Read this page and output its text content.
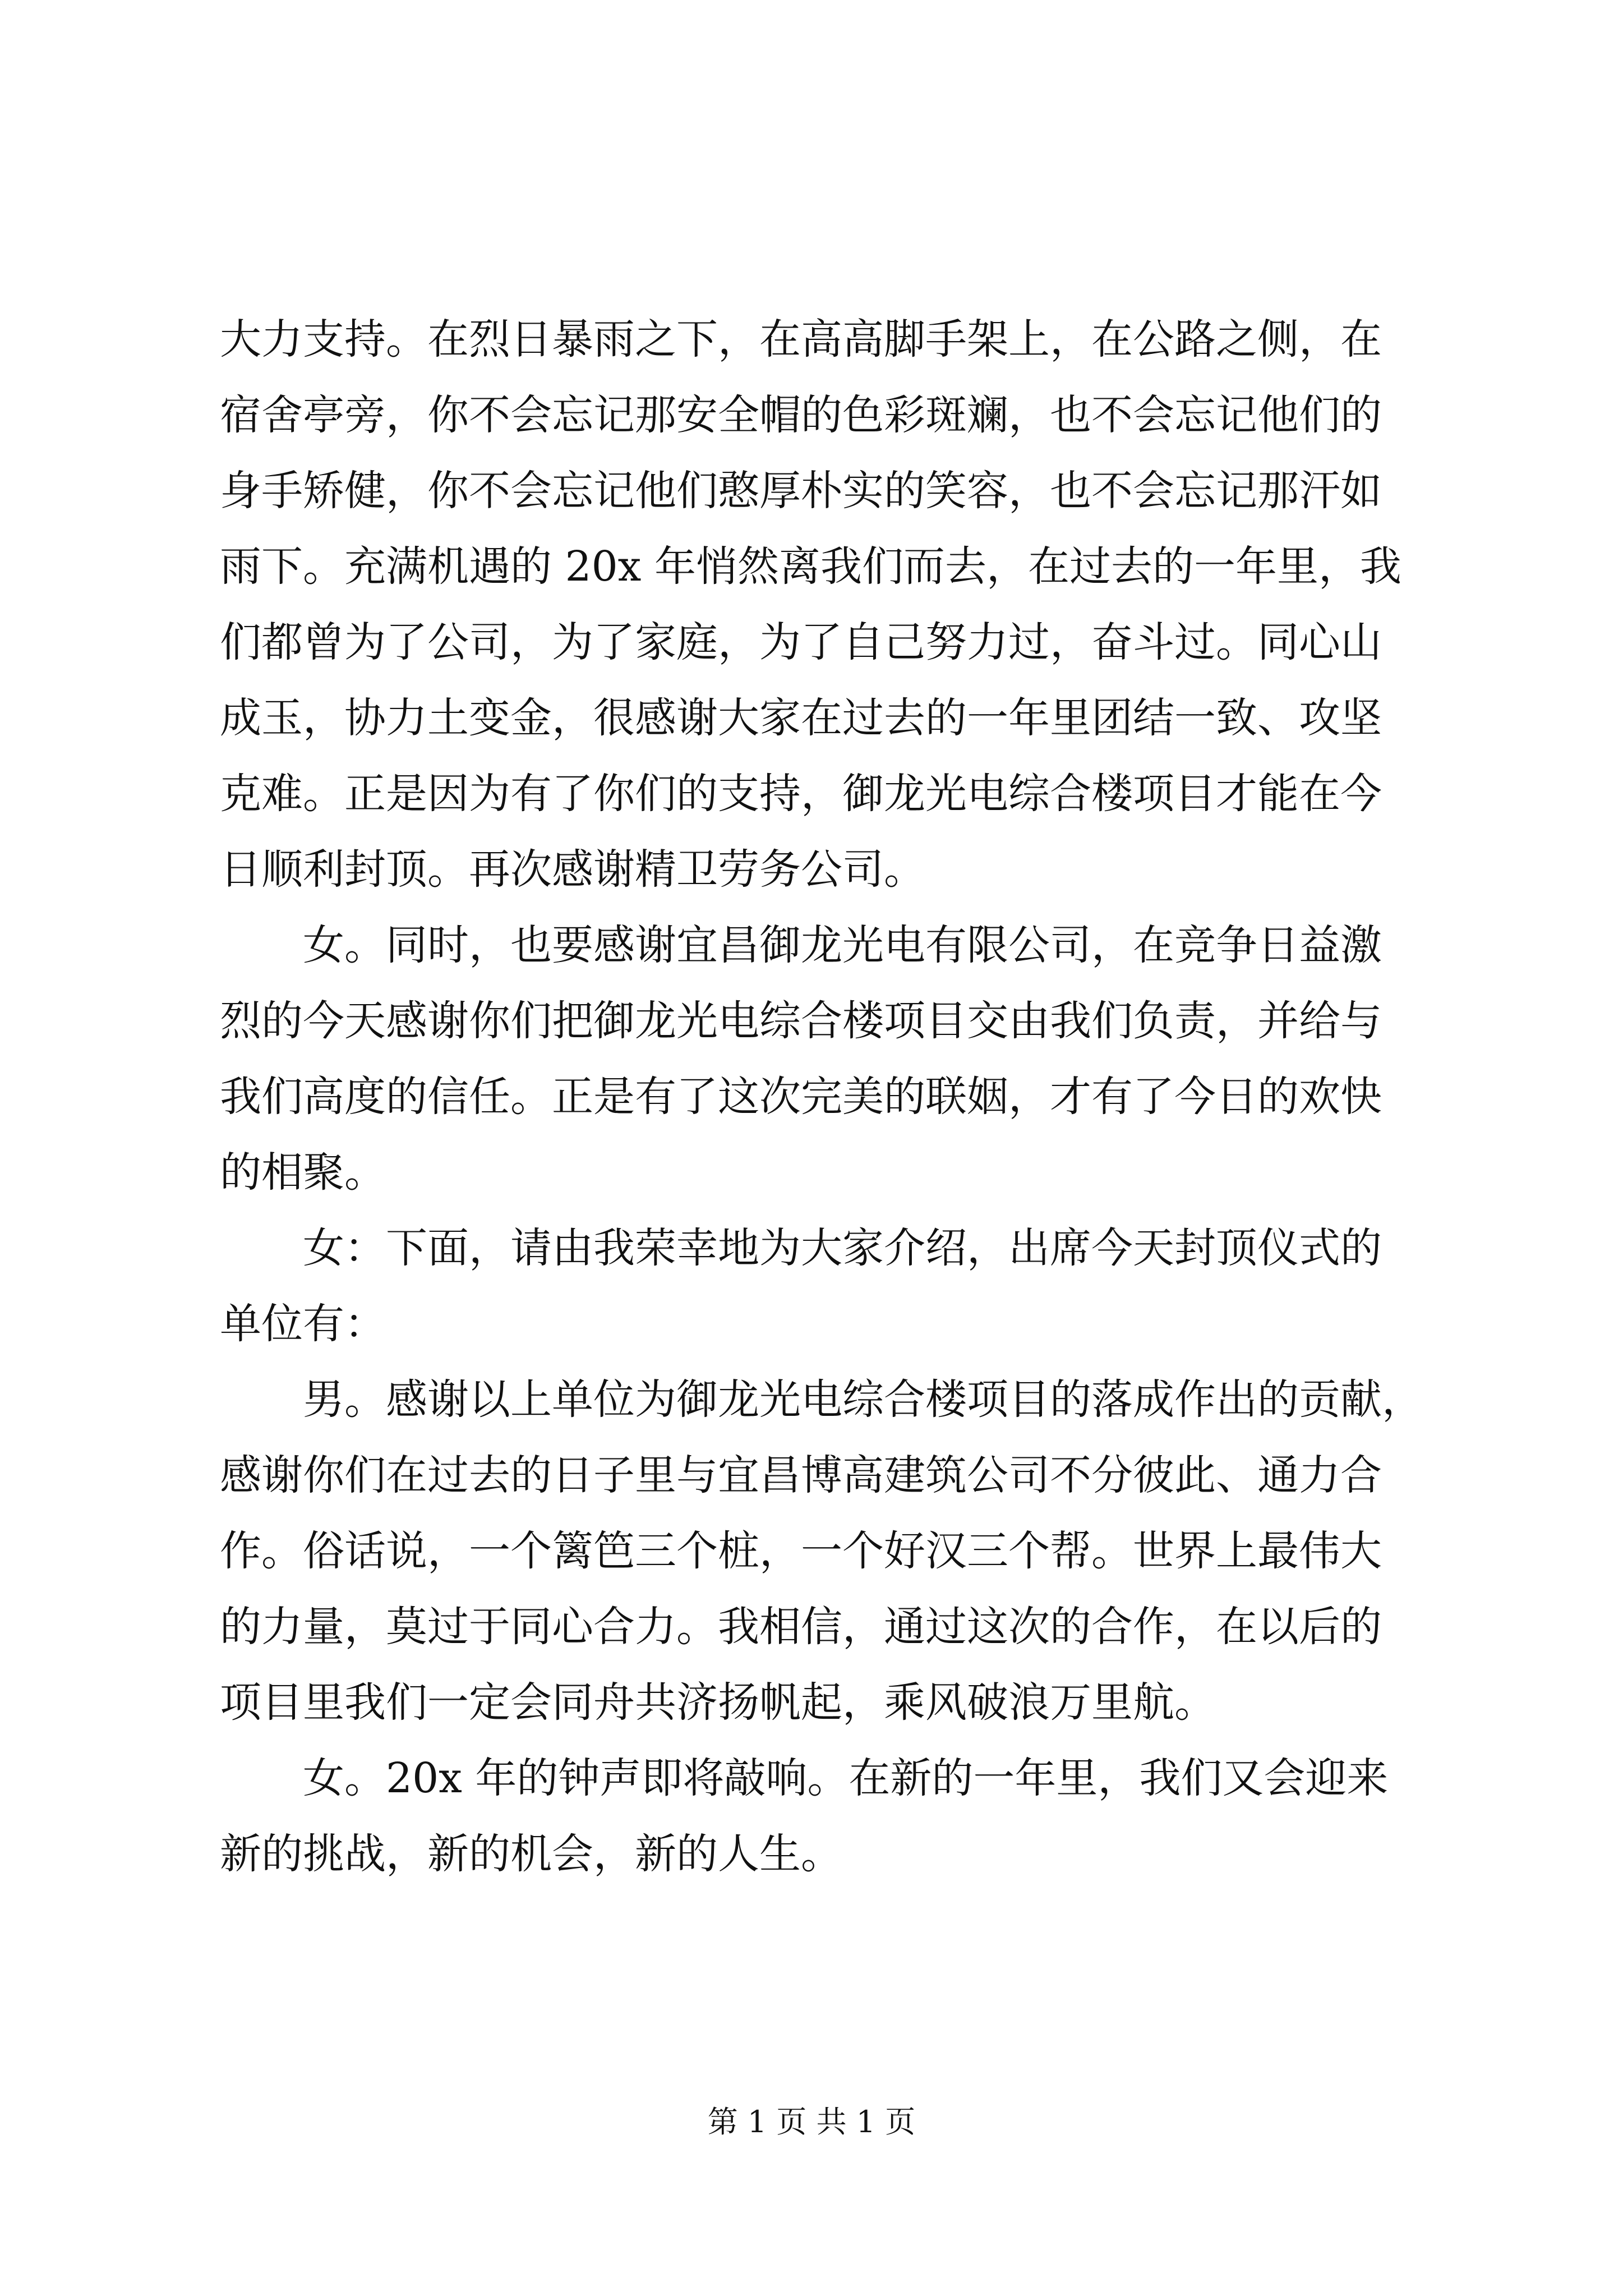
大力支持。在烈日暴雨之下，在高高脚手架上，在公路之侧，在
宿舍亭旁，你不会忘记那安全帽的色彩斑斓，也不会忘记他们的
身手矫健，你不会忘记他们憨厚朴实的笑容，也不会忘记那汗如
雨下。充满机遇的 20x 年悄然离我们而去，在过去的一年里，我
们都曾为了公司，为了家庭，为了自己努力过，奋斗过。同心山
成玉，协力土变金，很感谢大家在过去的一年里团结一致、攻坚
克难。正是因为有了你们的支持，御龙光电综合楼项目才能在今
日顺利封顶。再次感谢精卫劳务公司。
女。同时，也要感谢宜昌御龙光电有限公司，在竞争日益激
烈的今天感谢你们把御龙光电综合楼项目交由我们负责，并给与
我们高度的信任。正是有了这次完美的联姻，才有了今日的欢快
的相聚。
女：下面，请由我荣幸地为大家介绍，出席今天封顶仪式的
单位有：
男。感谢以上单位为御龙光电综合楼项目的落成作出的贡献，
感谢你们在过去的日子里与宜昌博高建筑公司不分彼此、通力合
作。俗话说，一个篱笆三个桩，一个好汉三个帮。世界上最伟大
的力量，莫过于同心合力。我相信，通过这次的合作，在以后的
项目里我们一定会同舟共济扬帆起，乘风破浪万里航。
女。20x 年的钟声即将敲响。在新的一年里，我们又会迎来
新的挑战，新的机会，新的人生。
第 1 页 共 1 页
